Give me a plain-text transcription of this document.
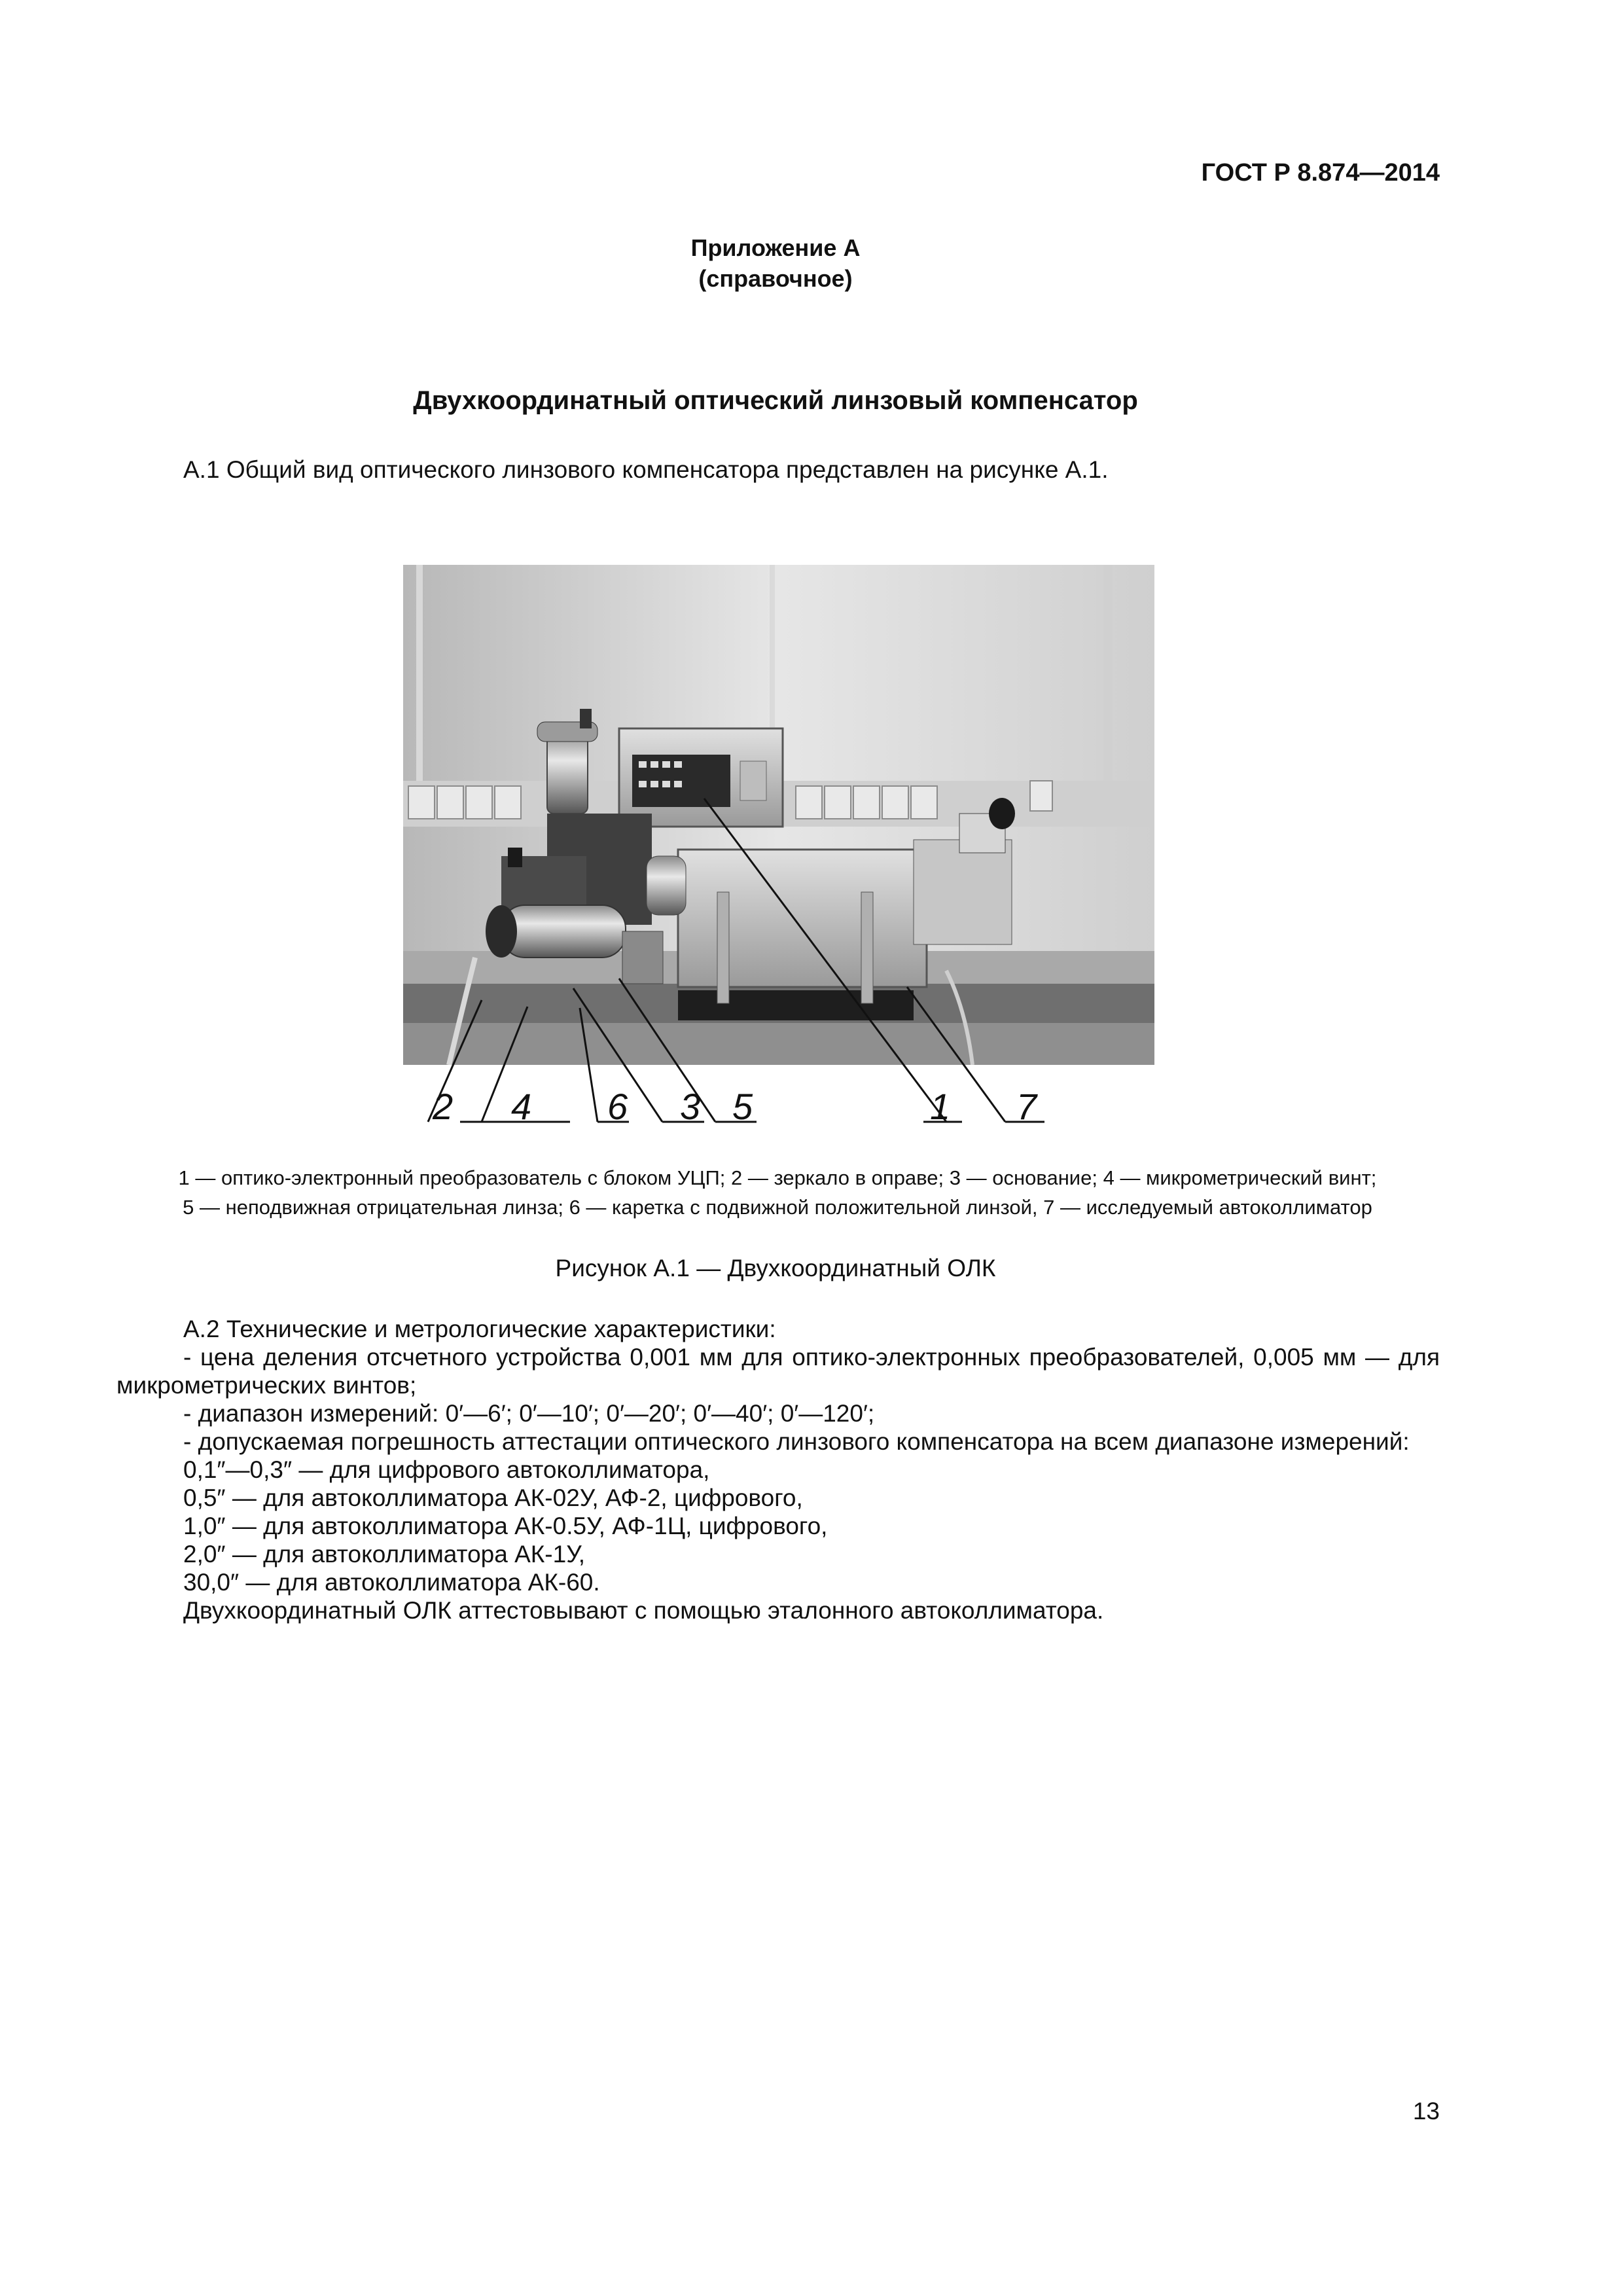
ГОСТ Р 8.874—2014
Приложение А
(справочное)
Двухкоординатный оптический линзовый компенсатор
А.1 Общий вид оптического линзового компенсатора представлен на рисунке А.1.
2 4 6 3 5	1 7
1 — оптико-электронный преобразователь с блоком УЦП; 2 — зеркало в оправе; 3 — основание; 4 — микрометрический винт;
5 — неподвижная отрицательная линза; 6 — каретка с подвижной положительной линзой, 7 — исследуемый автоколлиматор
Рисунок А.1 — Двухкоординатный ОЛК

А.2 Технические и метрологические характеристики:

- цена деления отсчетного устройства 0,001 мм для оптико-электронных преобразователей, 0,005 мм — для микрометрических винтов;

- диапазон измерений: 0′—6′; 0′—10′; 0′—20′; 0′—40′; 0′—120′;

- допускаемая погрешность аттестации оптического линзового компенсатора на всем диапазоне измерений:

0,1″—0,3″ — для цифрового автоколлиматора,

0,5″ — для автоколлиматора АК-02У, АФ-2, цифрового,

1,0″ — для автоколлиматора АК-0.5У, АФ-1Ц, цифрового,

2,0″ — для автоколлиматора АК-1У,

30,0″ — для автоколлиматора АК-60.

Двухкоординатный ОЛК аттестовывают с помощью эталонного автоколлиматора.

13
